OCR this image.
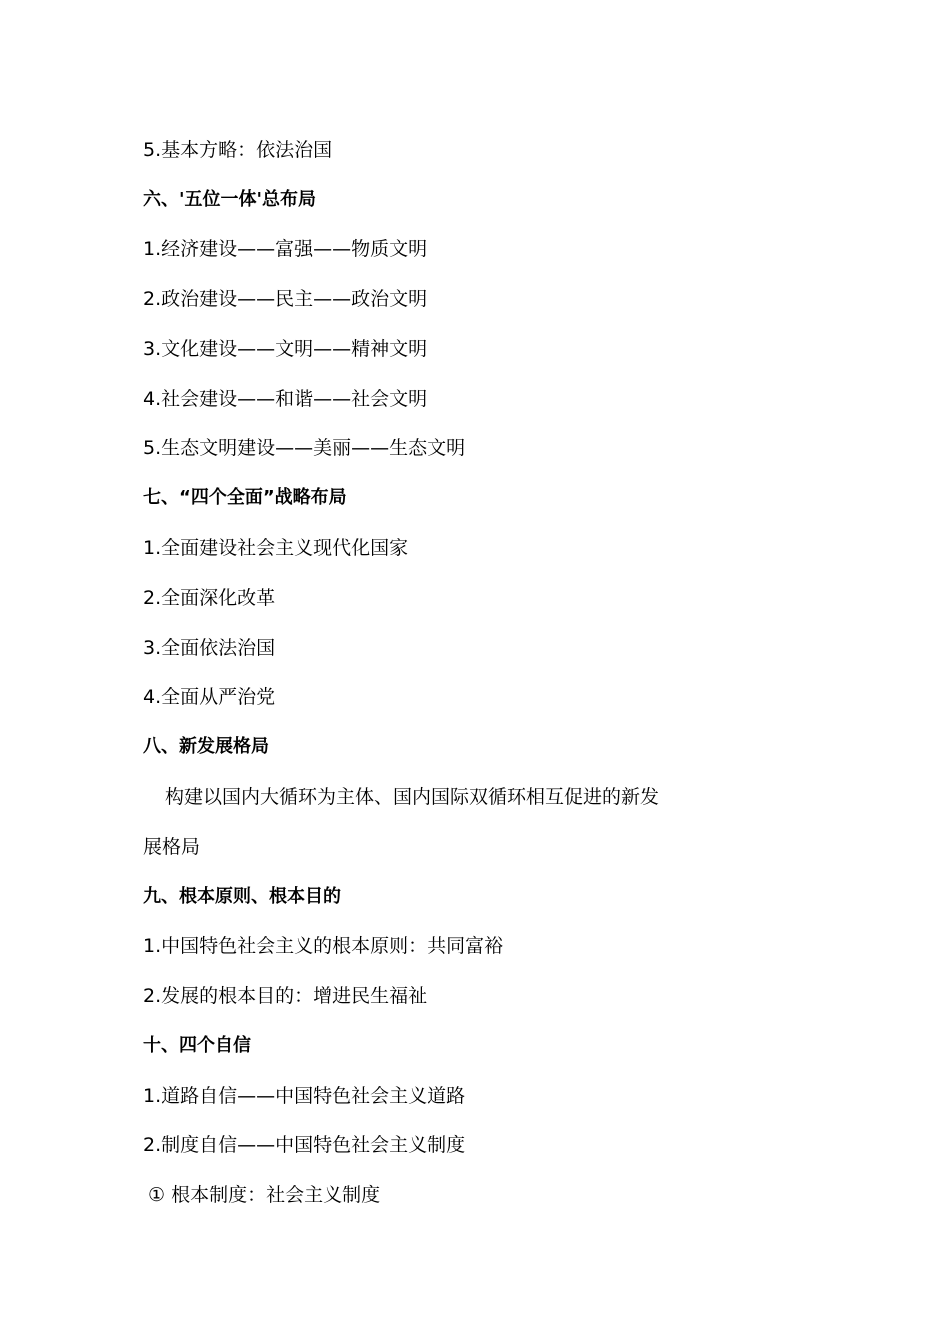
5.基本方略：依法治国
六、'五位一体'总布局
1.经济建设——富强——物质文明
2.政治建设——民主——政治文明
3.文化建设——文明——精神文明
4.社会建设——和谐——社会文明
5.生态文明建设——美丽——生态文明
七、“四个全面”战略布局
1.全面建设社会主义现代化国家
2.全面深化改革
3.全面依法治国
4.全面从严治党
八、新发展格局
构建以国内大循环为主体、国内国际双循环相互促进的新发
展格局
九、根本原则、根本目的
1.中国特色社会主义的根本原则：共同富裕
2.发展的根本目的：增进民生福祉
十、四个自信
1.道路自信——中国特色社会主义道路
2.制度自信——中国特色社会主义制度
① 根本制度：社会主义制度
